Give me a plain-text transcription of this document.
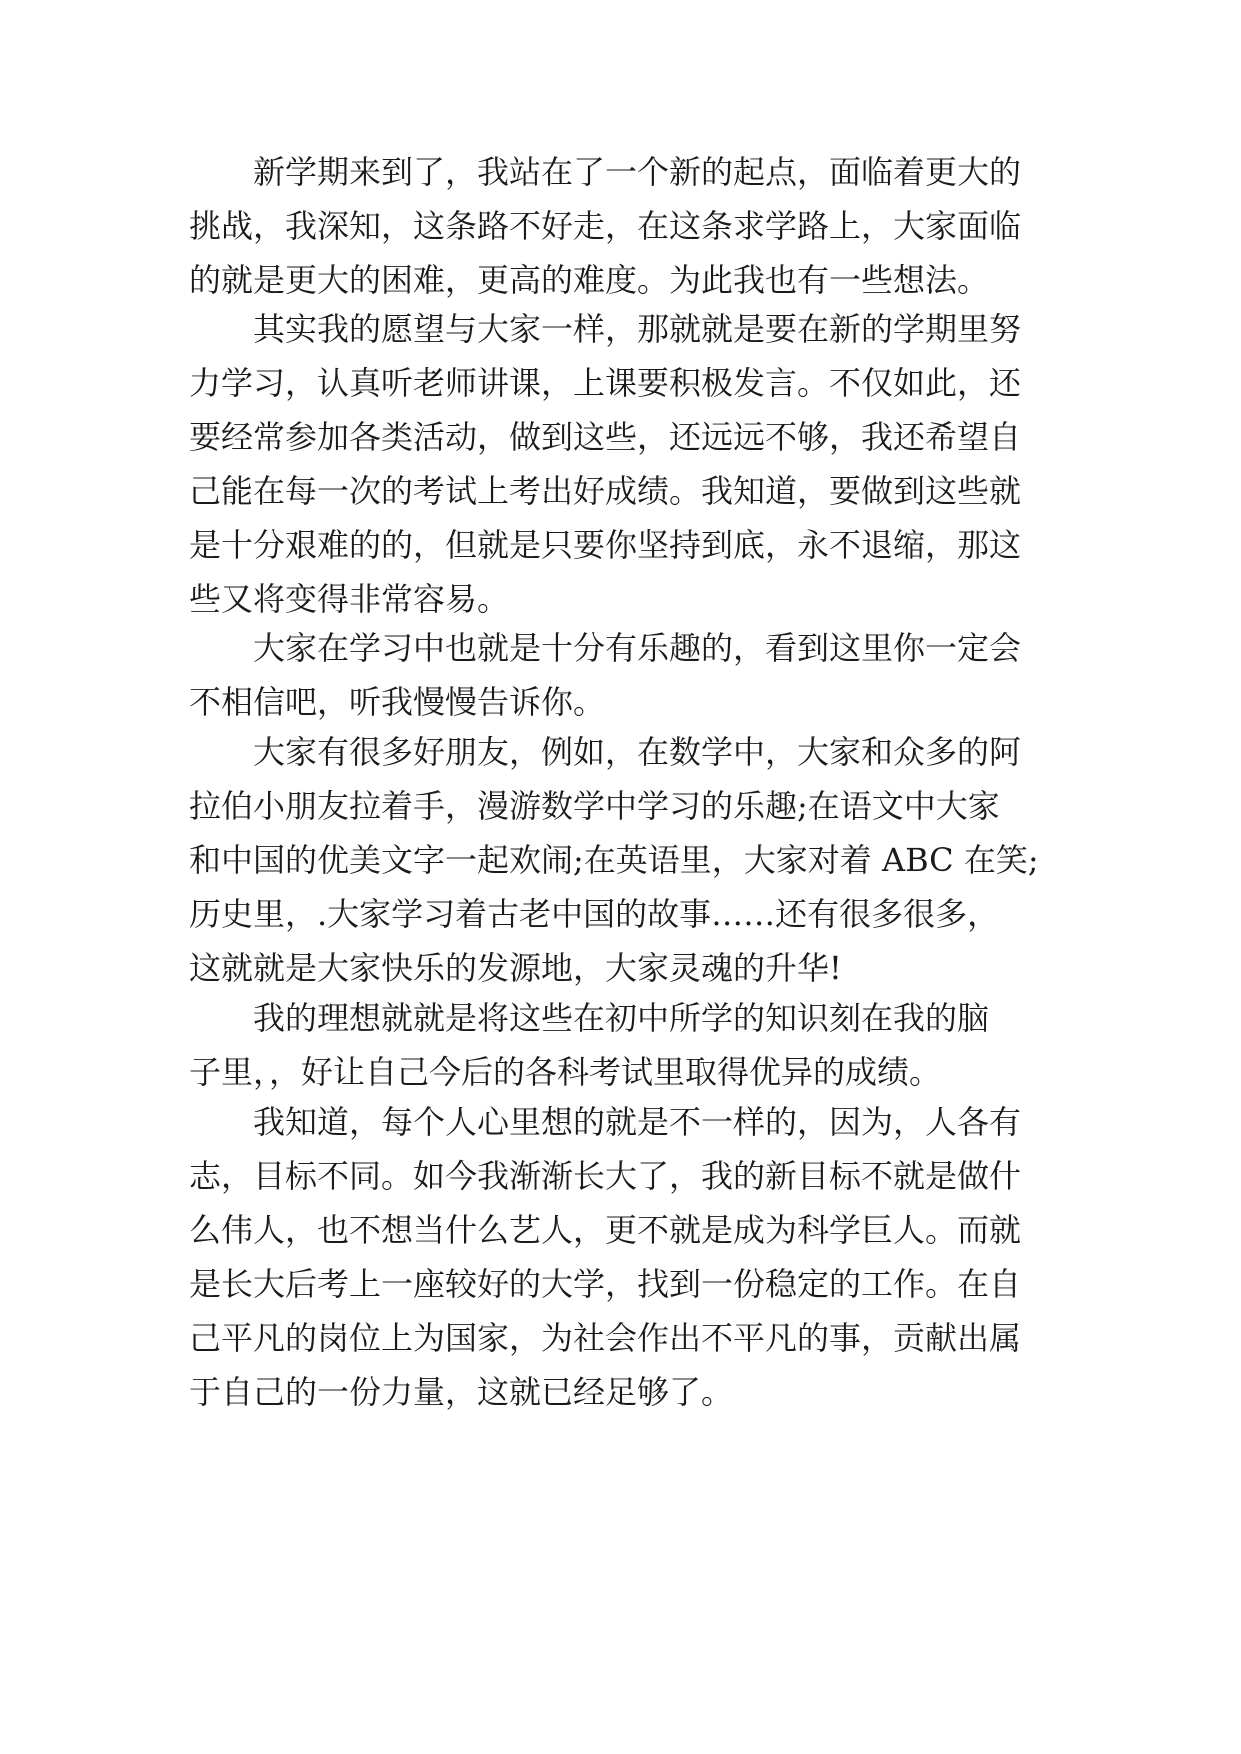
　　新学期来到了，我站在了一个新的起点，面临着更大的
挑战，我深知，这条路不好走，在这条求学路上，大家面临
的就是更大的困难，更高的难度。为此我也有一些想法。
　　其实我的愿望与大家一样，那就就是要在新的学期里努
力学习，认真听老师讲课，上课要积极发言。不仅如此，还
要经常参加各类活动，做到这些，还远远不够，我还希望自
己能在每一次的考试上考出好成绩。我知道，要做到这些就
是十分艰难的的，但就是只要你坚持到底，永不退缩，那这
些又将变得非常容易。
　　大家在学习中也就是十分有乐趣的，看到这里你一定会
不相信吧，听我慢慢告诉你。
　　大家有很多好朋友，例如，在数学中，大家和众多的阿
拉伯小朋友拉着手，漫游数学中学习的乐趣;在语文中大家
和中国的优美文字一起欢闹;在英语里，大家对着 ABC 在笑;
历史里，.大家学习着古老中国的故事……还有很多很多，
这就就是大家快乐的发源地，大家灵魂的升华!
　　我的理想就就是将这些在初中所学的知识刻在我的脑
子里，，好让自己今后的各科考试里取得优异的成绩。
　　我知道，每个人心里想的就是不一样的，因为，人各有
志，目标不同。如今我渐渐长大了，我的新目标不就是做什
么伟人，也不想当什么艺人，更不就是成为科学巨人。而就
是长大后考上一座较好的大学，找到一份稳定的工作。在自
己平凡的岗位上为国家，为社会作出不平凡的事，贡献出属
于自己的一份力量，这就已经足够了。
